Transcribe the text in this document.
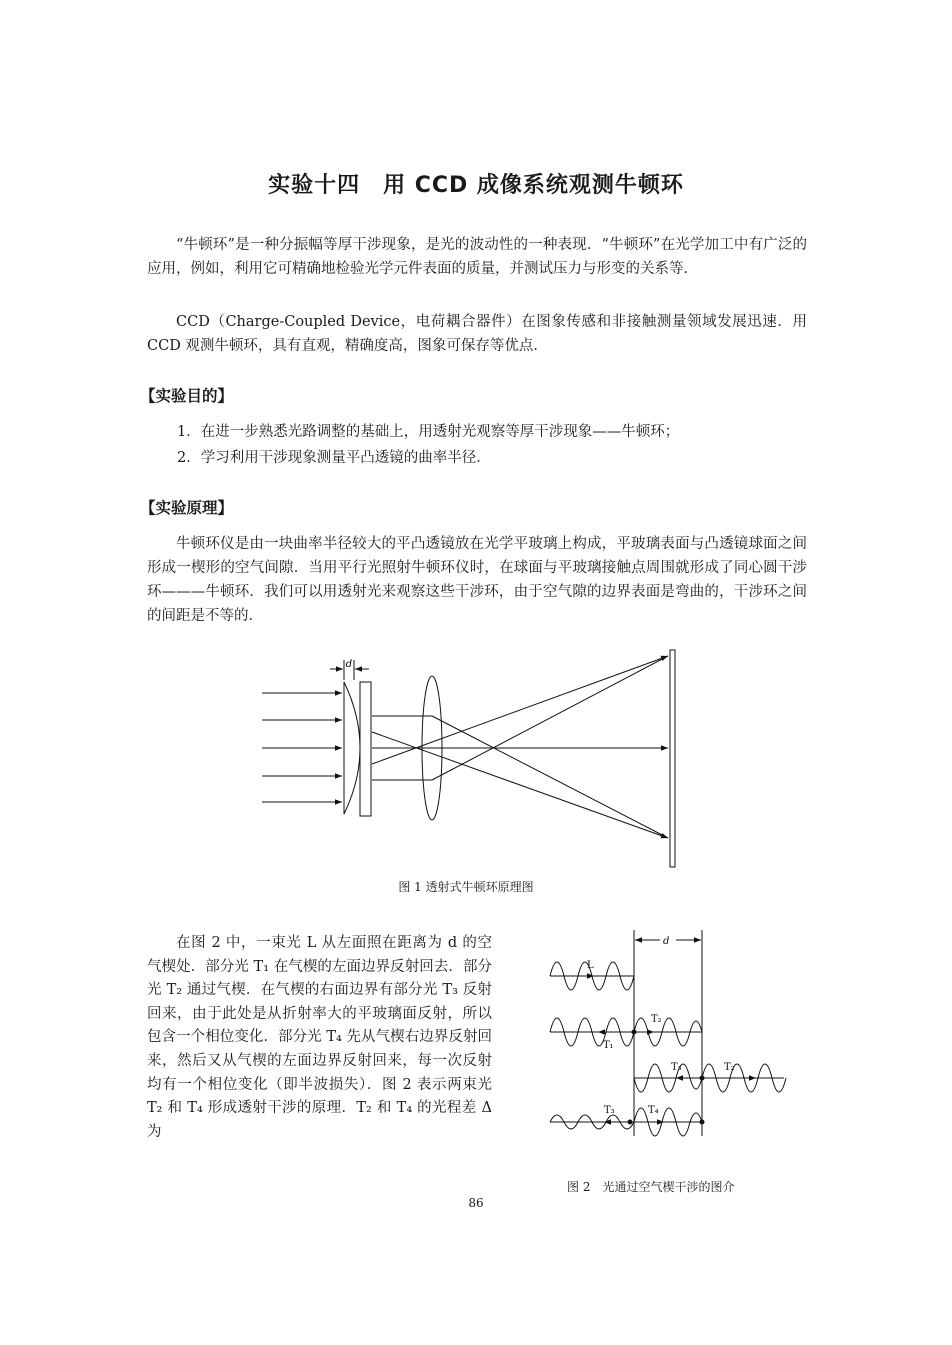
实验十四　用 CCD 成像系统观测牛顿环

“牛顿环”是一种分振幅等厚干涉现象，是光的波动性的一种表现．“牛顿环”在光学加工中有广泛的应用，例如，利用它可精确地检验光学元件表面的质量，并测试压力与形变的关系等．

CCD（Charge-Coupled Device，电荷耦合器件）在图象传感和非接触测量领域发展迅速．用 CCD 观测牛顿环，具有直观，精确度高，图象可保存等优点．

【实验目的】
1．在进一步熟悉光路调整的基础上，用透射光观察等厚干涉现象——牛顿环；
2．学习利用干涉现象测量平凸透镜的曲率半径．
【实验原理】

牛顿环仪是由一块曲率半径较大的平凸透镜放在光学平玻璃上构成，平玻璃表面与凸透镜球面之间形成一楔形的空气间隙．当用平行光照射牛顿环仪时，在球面与平玻璃接触点周围就形成了同心圆干涉环———牛顿环．我们可以用透射光来观察这些干涉环，由于空气隙的边界表面是弯曲的，干涉环之间的间距是不等的．

d
图 1 透射式牛顿环原理图

在图 2 中，一束光 L 从左面照在距离为 d 的空气楔处．部分光 T₁ 在气楔的左面边界反射回去．部分光 T₂ 通过气楔．在气楔的右面边界有部分光 T₃ 反射回来，由于此处是从折射率大的平玻璃面反射，所以包含一个相位变化．部分光 T₄ 先从气楔右边界反射回来，然后又从气楔的左面边界反射回来，每一次反射均有一个相位变化（即半波损失）．图 2 表示两束光 T₂ 和 T₄ 形成透射干涉的原理．T₂ 和 T₄ 的光程差 Δ 为

d
L
T₁
T₂
T₃	T₂
T₃	T₄
图 2　光通过空气楔干涉的图介
86
